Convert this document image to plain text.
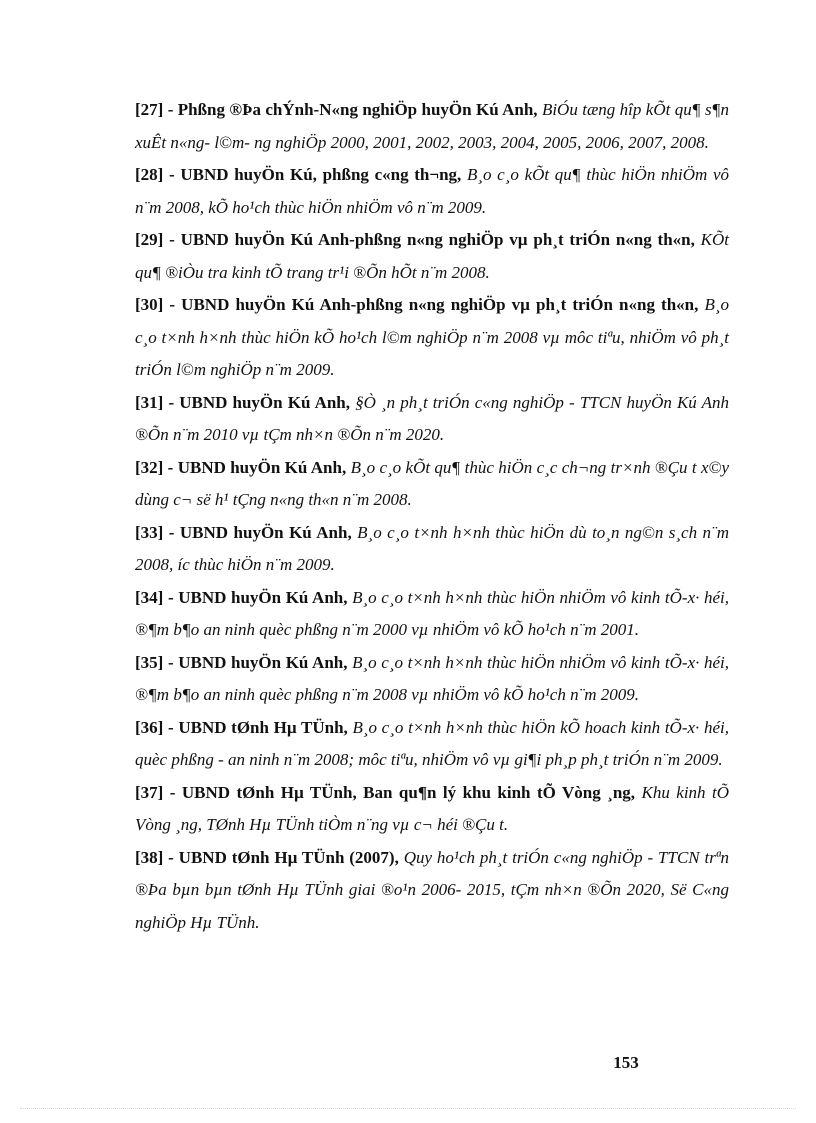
[27] - Phßng ®Þa chÝnh-N«ng nghiÖp huyÖn Kú Anh, BiÓu tæng hîp kÕt qu¶ s¶n xuÊt n«ng- l©m- ng nghiÖp 2000, 2001, 2002, 2003, 2004, 2005, 2006, 2007, 2008.

[28] - UBND huyÖn Kú, phßng c«ng th¬ng, B¸o c¸o kÕt qu¶ thùc hiÖn nhiÖm vô n¨m 2008, kÕ ho¹ch thùc hiÖn nhiÖm vô n¨m 2009.

[29] - UBND huyÖn Kú Anh-phßng n«ng nghiÖp vµ ph¸t triÓn n«ng th«n, KÕt qu¶ ®iÒu tra kinh tÕ trang tr¹i ®Õn hÕt n¨m 2008.

[30] - UBND huyÖn Kú Anh-phßng n«ng nghiÖp vµ ph¸t triÓn n«ng th«n, B¸o c¸o t×nh h×nh thùc hiÖn kÕ ho¹ch l©m nghiÖp n¨m 2008 vµ môc tiªu, nhiÖm vô ph¸t triÓn l©m nghiÖp n¨m 2009.

[31] - UBND huyÖn Kú Anh, §Ò ¸n ph¸t triÓn c«ng nghiÖp - TTCN huyÖn Kú Anh ®Õn n¨m 2010 vµ tÇm nh×n ®Õn n¨m 2020.

[32] - UBND huyÖn Kú Anh, B¸o c¸o kÕt qu¶ thùc hiÖn c¸c ch¬ng tr×nh ®Çu t x©y dùng c¬ së h¹ tÇng n«ng th«n n¨m 2008.

[33] - UBND huyÖn Kú Anh, B¸o c¸o t×nh h×nh thùc hiÖn dù to¸n ng©n s¸ch n¨m 2008, íc thùc hiÖn n¨m 2009.

[34] - UBND huyÖn Kú Anh, B¸o c¸o t×nh h×nh thùc hiÖn nhiÖm vô kinh tÕ-x· héi, ®¶m b¶o an ninh quèc phßng n¨m 2000 vµ nhiÖm vô kÕ ho¹ch n¨m 2001.

[35] - UBND huyÖn Kú Anh, B¸o c¸o t×nh h×nh thùc hiÖn nhiÖm vô kinh tÕ-x· héi, ®¶m b¶o an ninh quèc phßng n¨m 2008 vµ nhiÖm vô kÕ ho¹ch n¨m 2009.

[36] - UBND tØnh Hµ TÜnh, B¸o c¸o t×nh h×nh thùc hiÖn kÕ hoach kinh tÕ-x· héi, quèc phßng - an ninh n¨m 2008; môc tiªu, nhiÖm vô vµ gi¶i ph¸p ph¸t triÓn n¨m 2009.

[37] - UBND tØnh Hµ TÜnh, Ban qu¶n lý khu kinh tÕ Vòng ¸ng, Khu kinh tÕ Vòng ¸ng, TØnh Hµ TÜnh tiÒm n¨ng vµ c¬ héi ®Çu t.

[38] - UBND tØnh Hµ TÜnh (2007), Quy ho¹ch ph¸t triÓn c«ng nghiÖp - TTCN trªn ®Þa bµn bµn tØnh Hµ TÜnh giai ®o¹n 2006- 2015, tÇm nh×n ®Õn 2020, Së C«ng nghiÖp Hµ TÜnh.

153
